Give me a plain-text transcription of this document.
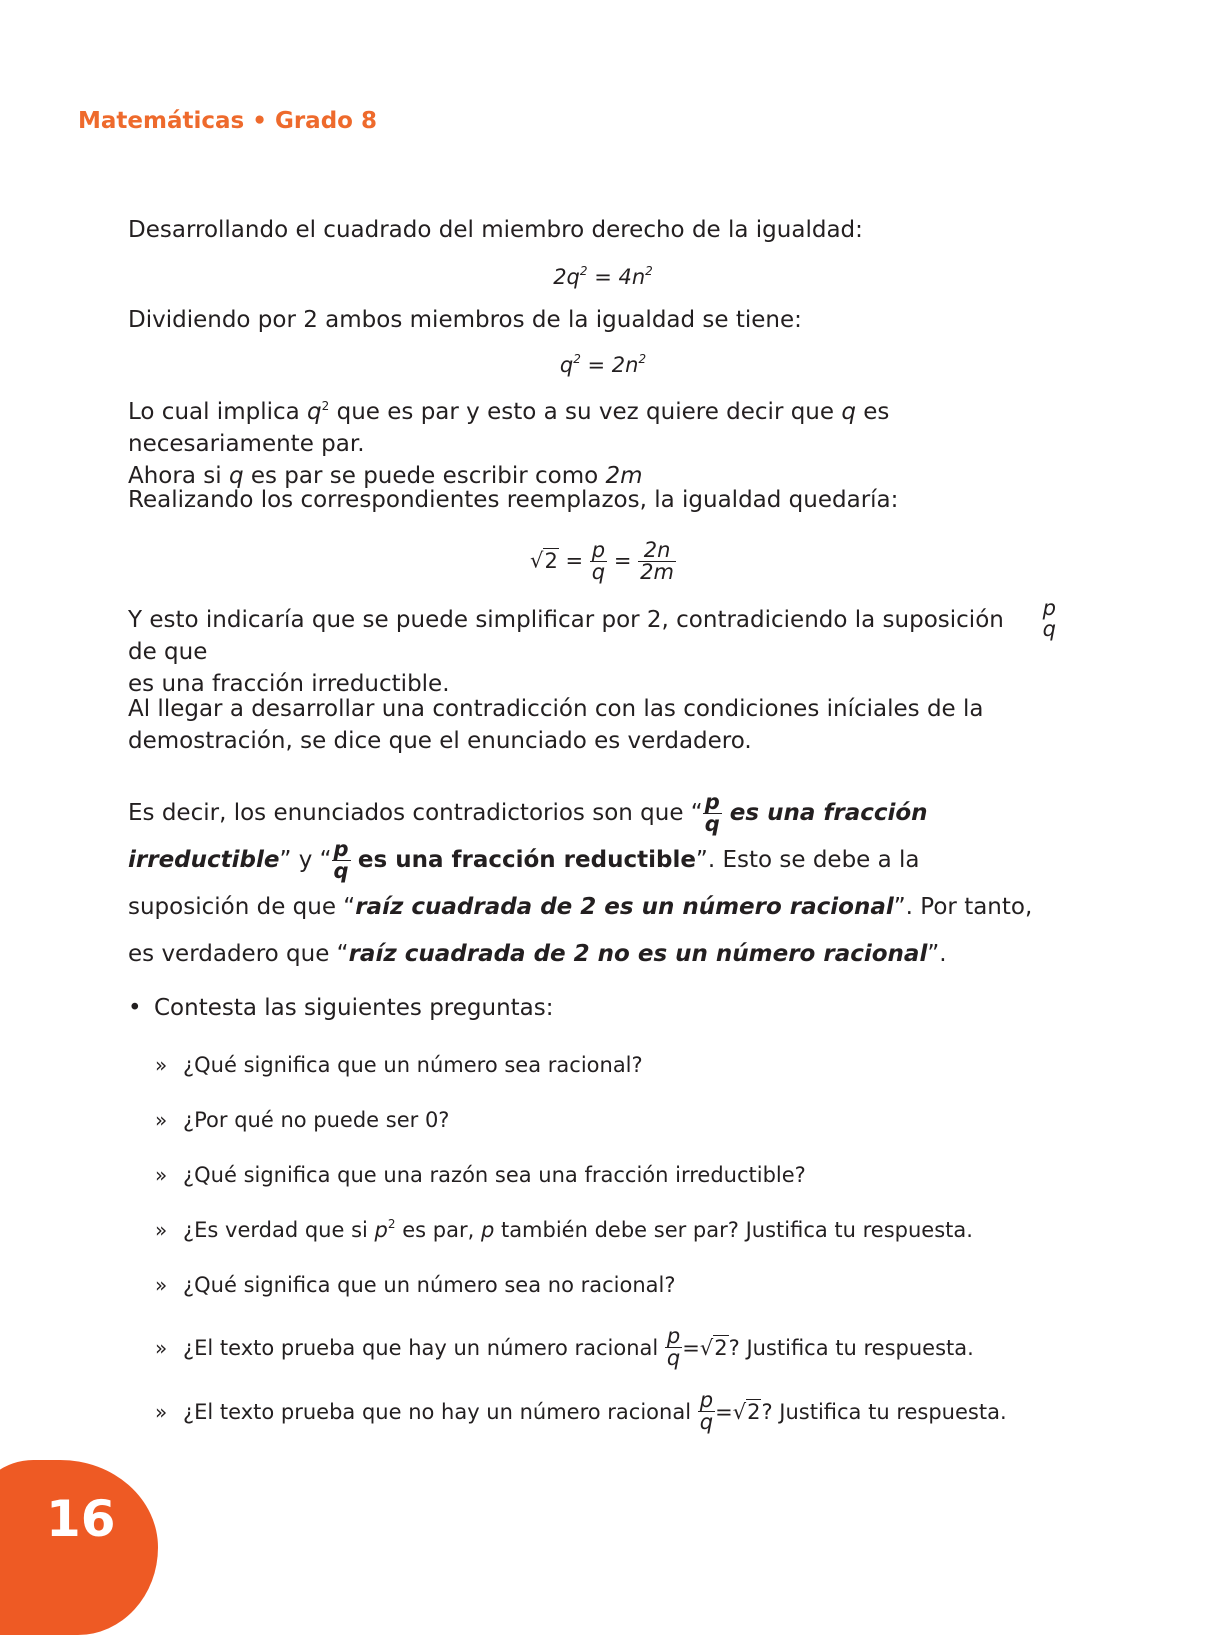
Matemáticas • Grado 8

Desarrollando el cuadrado del miembro derecho de la igualdad:

$2q^2 = 4n^2$

Dividiendo por 2 ambos miembros de la igualdad se tiene:

$q^2 = 2n^2$

Lo cual implica $q^2$ que es par y esto a su vez quiere decir que q es necesariamente par.
Ahora si q es par se puede escribir como 2m

Realizando los correspondientes reemplazos, la igualdad quedaría:

$√2 = \frac{p}{q} = \frac{2n}{2m}$

Y esto indicaría que se puede simplificar por 2, contradiciendo la suposición de que
p
q

es una fracción irreductible.

Al llegar a desarrollar una contradicción con las condiciones iníciales de la demostración, se dice que el enunciado es verdadero.

Es decir, los enunciados contradictorios son que “ $\frac{p}{q}$ es una fracción irreductible” y “ $\frac{p}{q}$ es una fracción reductible”. Esto se debe a la suposición de que “raíz cuadrada de 2 es un número racional”. Por tanto, es verdadero que “raíz cuadrada de 2 no es un número racional”.

• Contesta las siguientes preguntas:
» ¿Qué significa que un número sea racional?
» ¿Por qué no puede ser 0?
» ¿Qué significa que una razón sea una fracción irreductible?
» ¿Es verdad que si $p^2$ es par, p también debe ser par? Justifica tu respuesta.
» ¿Qué significa que un número sea no racional?
» ¿El texto prueba que hay un número racional
$\frac{p}{q} = √2$ ? Justifica tu respuesta.
» ¿El texto prueba que no hay un número racional
$\frac{p}{q} = √2$ ? Justifica tu respuesta.
16
